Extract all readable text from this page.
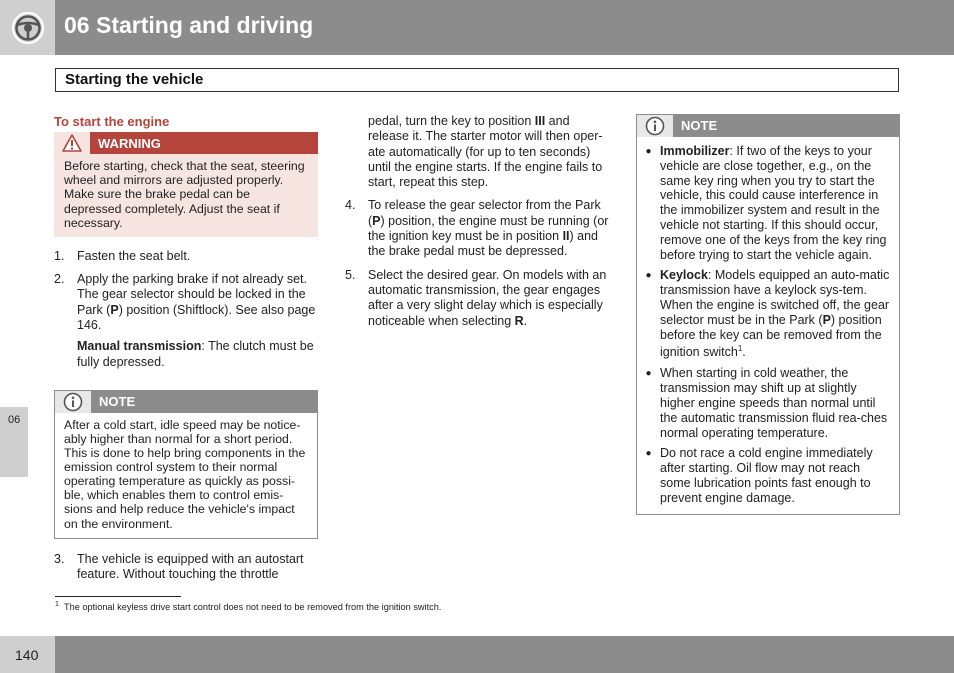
06 Starting and driving
Starting the vehicle
To start the engine
WARNING
Before starting, check that the seat, steering wheel and mirrors are adjusted properly. Make sure the brake pedal can be depressed completely. Adjust the seat if necessary.
1.	Fasten the seat belt.
2.	Apply the parking brake if not already set. The gear selector should be locked in the Park (P) position (Shiftlock). See also page 146.
Manual transmission: The clutch must be fully depressed.
NOTE
After a cold start, idle speed may be notice-ably higher than normal for a short period. This is done to help bring components in the emission control system to their normal operating temperature as quickly as possi-ble, which enables them to control emis-sions and help reduce the vehicle's impact on the environment.
3.	The vehicle is equipped with an autostart feature. Without touching the throttle
pedal, turn the key to position III and release it. The starter motor will then oper-ate automatically (for up to ten seconds) until the engine starts. If the engine fails to start, repeat this step.
4.	To release the gear selector from the Park (P) position, the engine must be running (or the ignition key must be in position II) and the brake pedal must be depressed.
5.	Select the desired gear. On models with an automatic transmission, the gear engages after a very slight delay which is especially noticeable when selecting R.
NOTE
● Immobilizer: If two of the keys to your vehicle are close together, e.g., on the same key ring when you try to start the vehicle, this could cause interference in the immobilizer system and result in the vehicle not starting. If this should occur, remove one of the keys from the key ring before trying to start the vehicle again.
● Keylock: Models equipped an auto-matic transmission have a keylock sys-tem. When the engine is switched off, the gear selector must be in the Park (P) position before the key can be removed from the ignition switch$^1$.
● When starting in cold weather, the transmission may shift up at slightly higher engine speeds than normal until the automatic transmission fluid rea-ches normal operating temperature.
● Do not race a cold engine immediately after starting. Oil flow may not reach some lubrication points fast enough to prevent engine damage.
06
$^1$ The optional keyless drive start control does not need to be removed from the ignition switch.
140
